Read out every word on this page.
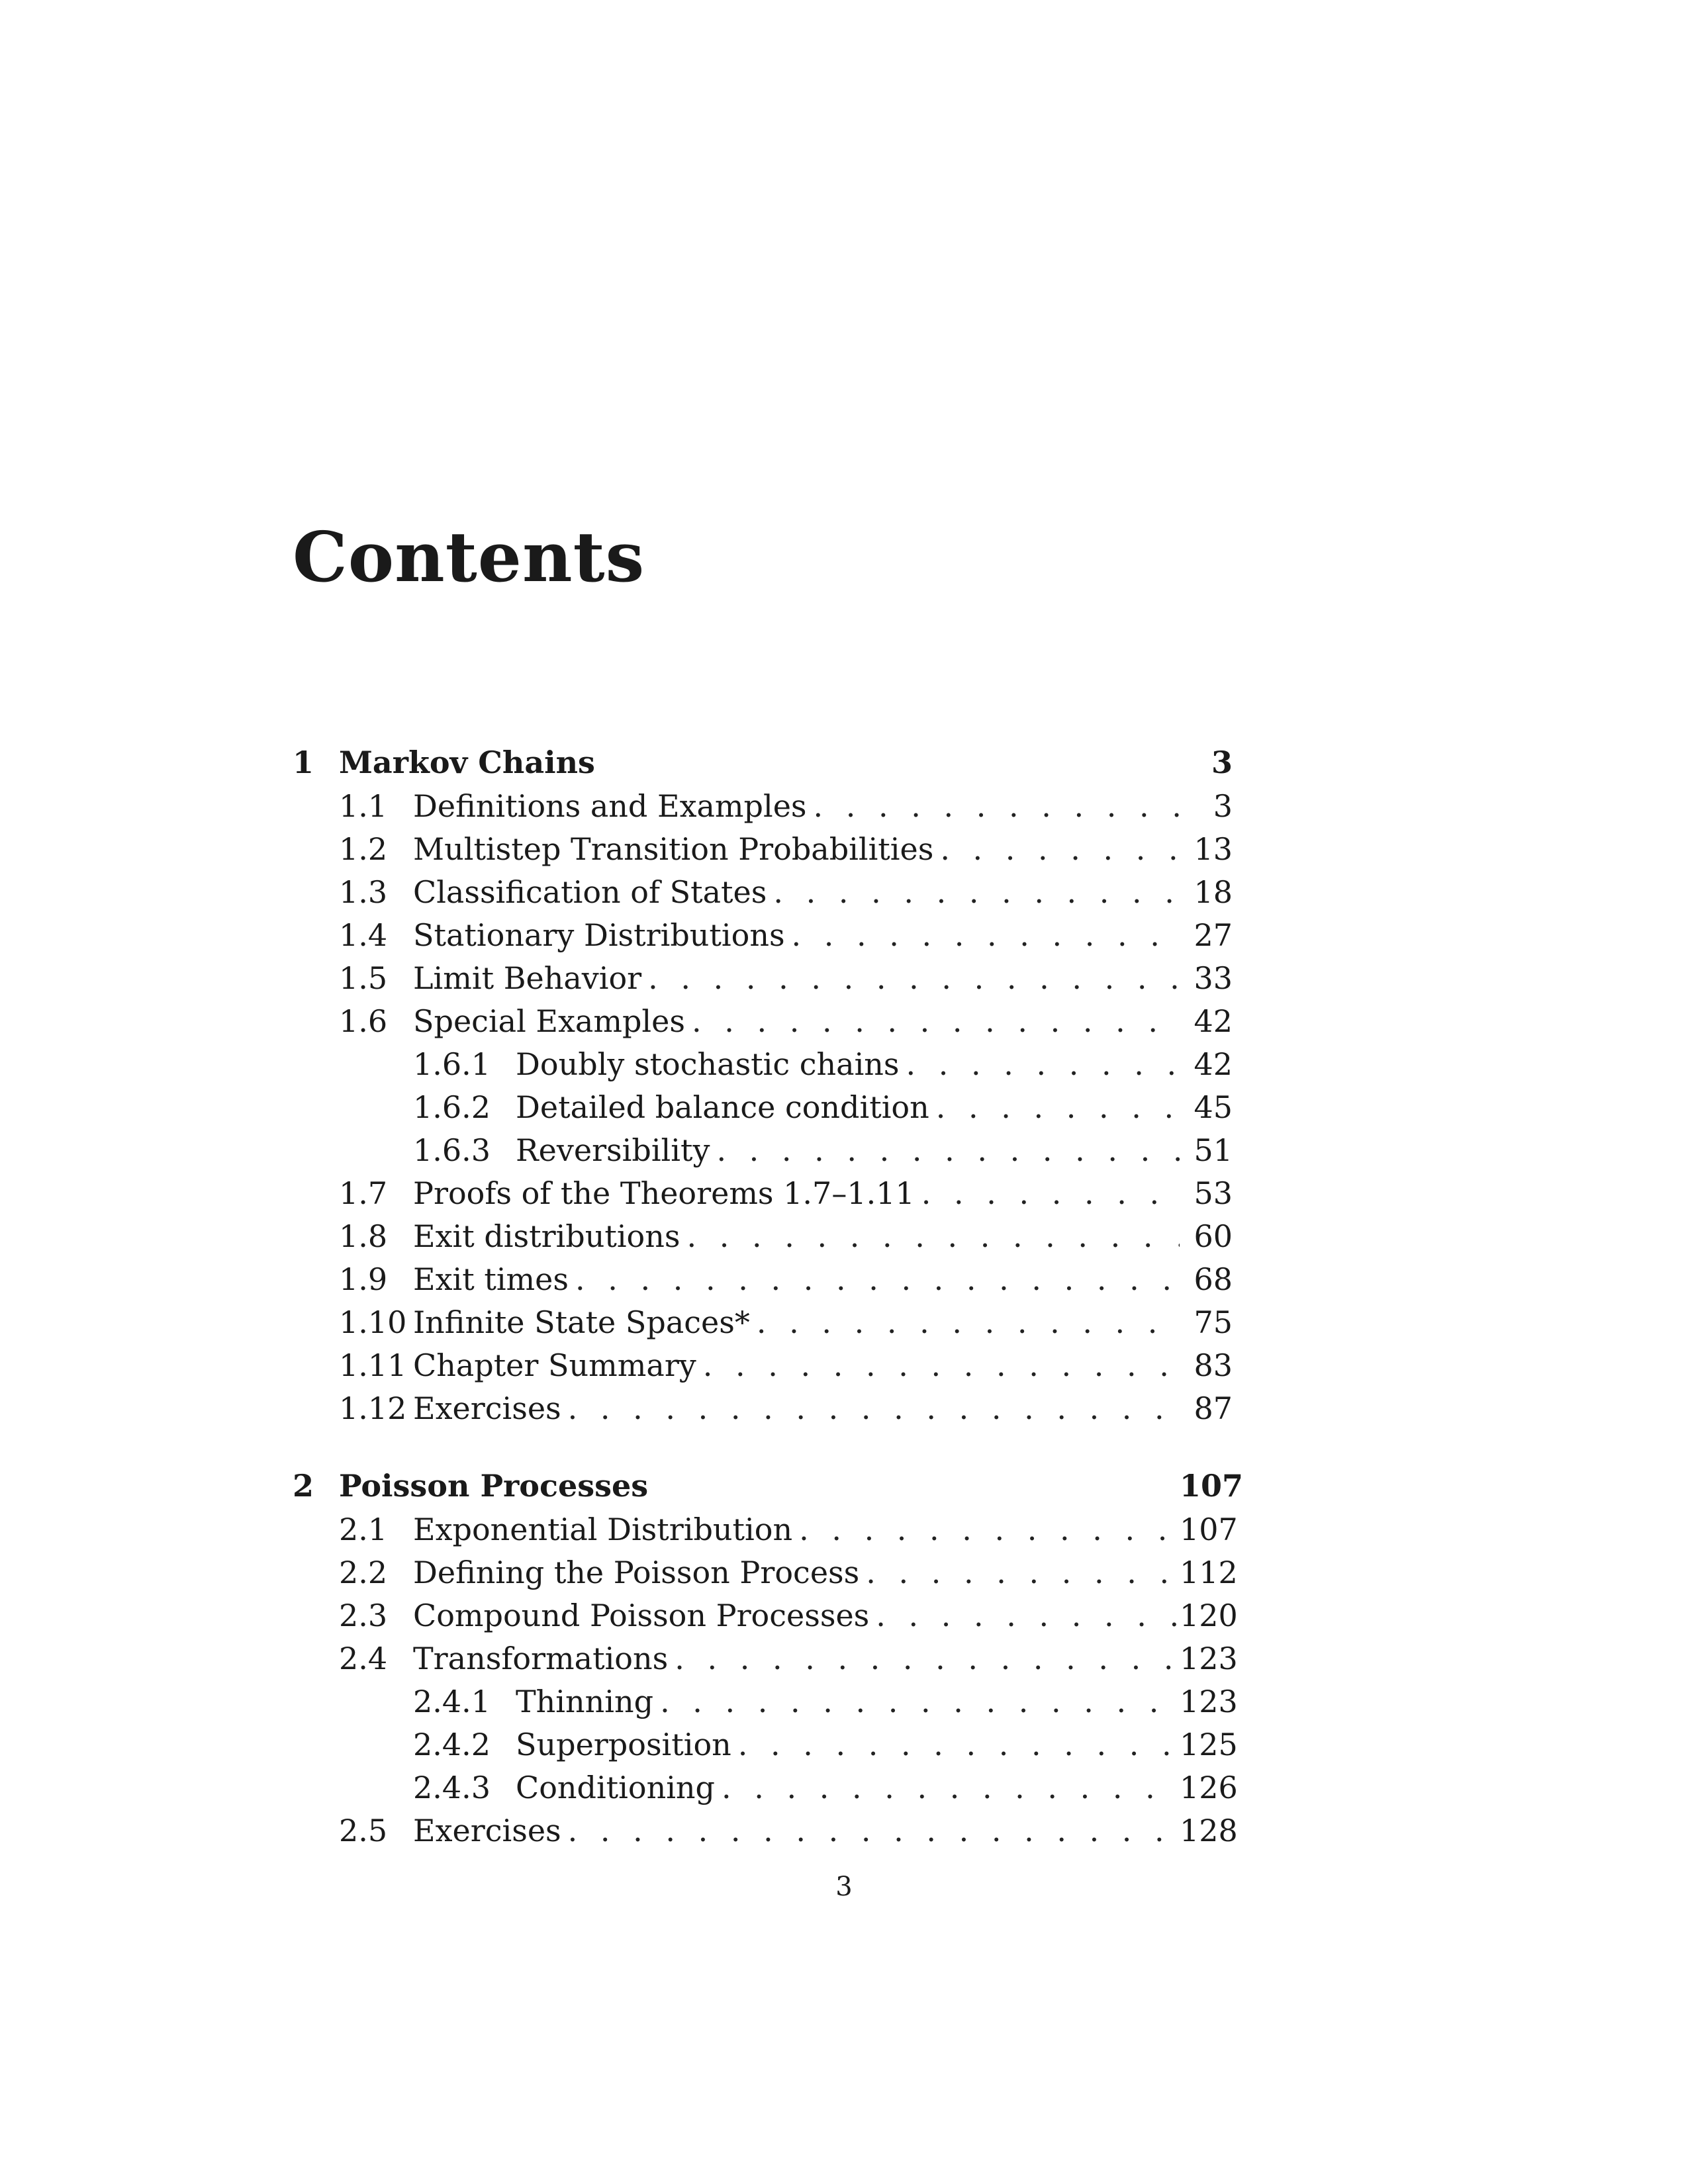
Contents
1 Markov Chains	3
1.1 Definitions and Examples . . .	3
1.2 Multistep Transition Probabilities . . .	13
1.3 Classification of States . . .	18
1.4 Stationary Distributions . . .	27
1.5 Limit Behavior . . .	33
1.6 Special Examples . . .	42
1.6.1 Doubly stochastic chains . . .	42
1.6.2 Detailed balance condition . . .	45
1.6.3 Reversibility . . .	51
1.7 Proofs of the Theorems 1.7–1.11 . . .	53
1.8 Exit distributions . . .	60
1.9 Exit times . . .	68
1.10 Infinite State Spaces* . . .	75
1.11 Chapter Summary . . .	83
1.12 Exercises . . .	87
2 Poisson Processes	107
2.1 Exponential Distribution . . .	107
2.2 Defining the Poisson Process . . .	112
2.3 Compound Poisson Processes . . .	120
2.4 Transformations . . .	123
2.4.1 Thinning . . .	123
2.4.2 Superposition . . .	125
2.4.3 Conditioning . . .	126
2.5 Exercises . . .	128
3
